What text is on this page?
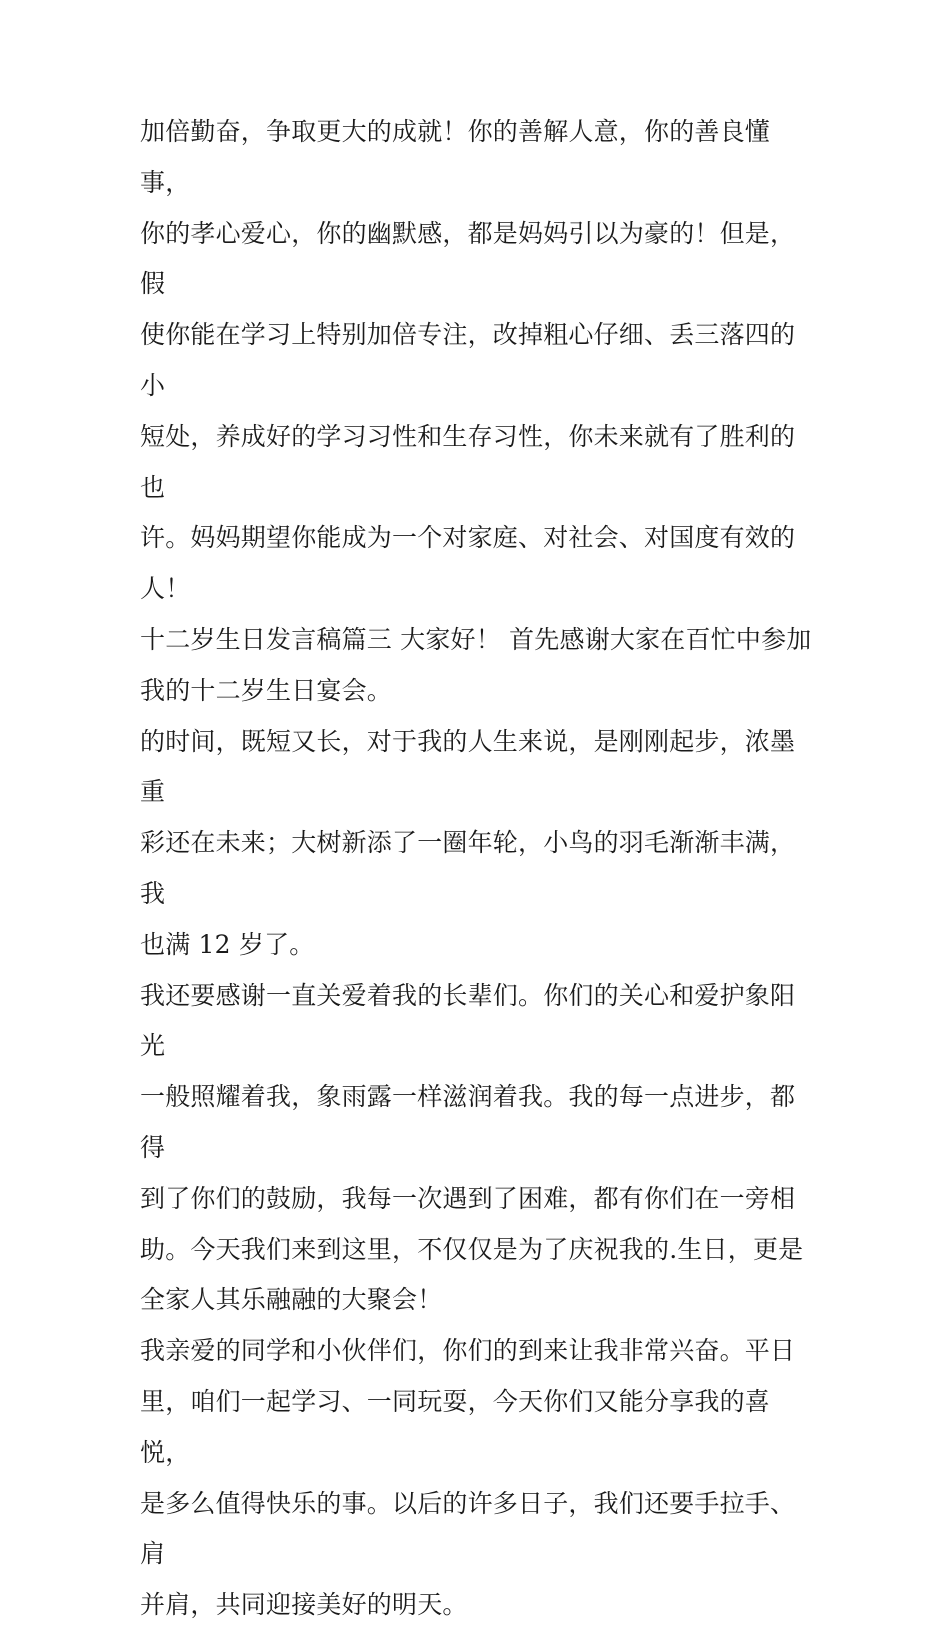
加倍勤奋，争取更大的成就！你的善解人意，你的善良懂事，
你的孝心爱心，你的幽默感，都是妈妈引以为豪的！但是，假
使你能在学习上特别加倍专注，改掉粗心仔细、丢三落四的小
短处，养成好的学习习性和生存习性，你未来就有了胜利的也
许。妈妈期望你能成为一个对家庭、对社会、对国度有效的
人！
十二岁生日发言稿篇三 大家好！ 首先感谢大家在百忙中参加
我的十二岁生日宴会。
的时间，既短又长，对于我的人生来说，是刚刚起步，浓墨重
彩还在未来；大树新添了一圈年轮，小鸟的羽毛渐渐丰满，我
也满 12 岁了。
我还要感谢一直关爱着我的长辈们。你们的关心和爱护象阳光
一般照耀着我，象雨露一样滋润着我。我的每一点进步，都得
到了你们的鼓励，我每一次遇到了困难，都有你们在一旁相
助。今天我们来到这里，不仅仅是为了庆祝我的.生日，更是
全家人其乐融融的大聚会！
我亲爱的同学和小伙伴们，你们的到来让我非常兴奋。平日
里，咱们一起学习、一同玩耍，今天你们又能分享我的喜悦，
是多么值得快乐的事。以后的许多日子，我们还要手拉手、肩
并肩，共同迎接美好的明天。
